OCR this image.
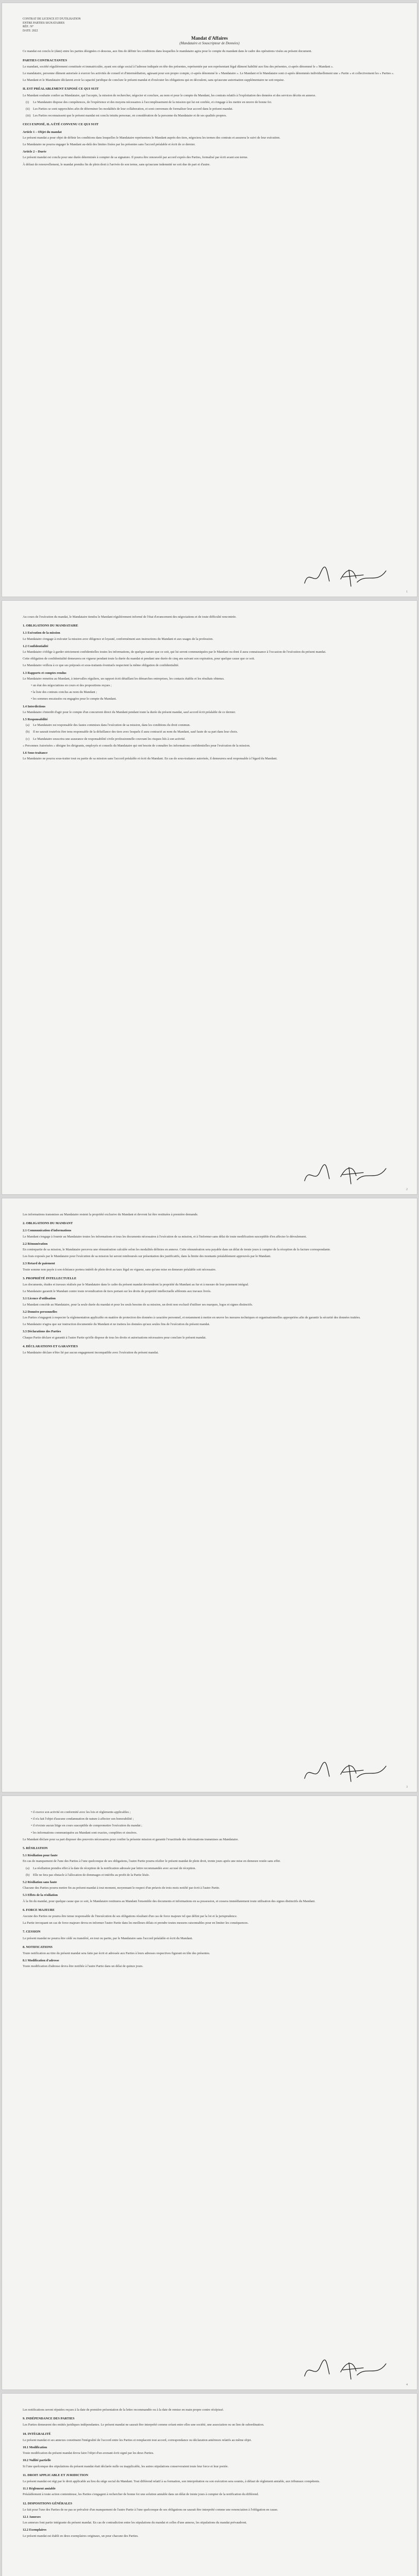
CONTRAT DE LICENCE ET D'UTILISATION
ENTRE PARTIES SIGNATAIRES
RÉF.: N°
DATE: 2022
Mandat d'Affaires
(Mandataire et Souscripteur de Données)
Ce mandat est conclu le (date) entre les parties désignées ci-dessous, aux fins de définir les conditions dans lesquelles le mandataire agira pour le compte du mandant dans le cadre des opérations visées au présent document.
PARTIES CONTRACTANTES
Le mandant, société régulièrement constituée et immatriculée, ayant son siège social à l'adresse indiquée en tête des présentes, représentée par son représentant légal dûment habilité aux fins des présentes, ci-après dénommé le « Mandant ».
Le mandataire, personne dûment autorisée à exercer les activités de conseil et d'intermédiation, agissant pour son propre compte, ci-après dénommé le « Mandataire ». Le Mandant et le Mandataire sont ci-après dénommés individuellement une « Partie » et collectivement les « Parties ».
Le Mandant et le Mandataire déclarent avoir la capacité juridique de conclure le présent mandat et d'exécuter les obligations qui en découlent, sans qu'aucune autorisation supplémentaire ne soit requise.
IL EST PRÉALABLEMENT EXPOSÉ CE QUI SUIT
Le Mandant souhaite confier au Mandataire, qui l'accepte, la mission de rechercher, négocier et conclure, au nom et pour le compte du Mandant, les contrats relatifs à l'exploitation des données et des services décrits en annexe.
(i) Le Mandataire dispose des compétences, de l'expérience et des moyens nécessaires à l'accomplissement de la mission qui lui est confiée, et s'engage à les mettre en œuvre de bonne foi.
(ii) Les Parties se sont rapprochées afin de déterminer les modalités de leur collaboration, et sont convenues de formaliser leur accord dans le présent mandat.
(iii) Les Parties reconnaissent que le présent mandat est conclu intuitu personae, en considération de la personne du Mandataire et de ses qualités propres.
CECI EXPOSÉ, IL A ÉTÉ CONVENU CE QUI SUIT
Article 1 – Objet du mandat
Le présent mandat a pour objet de définir les conditions dans lesquelles le Mandataire représentera le Mandant auprès des tiers, négociera les termes des contrats et assurera le suivi de leur exécution.
Le Mandataire ne pourra engager le Mandant au-delà des limites fixées par les présentes sans l'accord préalable et écrit de ce dernier.
Article 2 – Durée
Le présent mandat est conclu pour une durée déterminée à compter de sa signature. Il pourra être renouvelé par accord exprès des Parties, formalisé par écrit avant son terme.
À défaut de renouvellement, le mandat prendra fin de plein droit à l'arrivée de son terme, sans qu'aucune indemnité ne soit due de part et d'autre.
1
Au cours de l'exécution du mandat, le Mandataire tiendra le Mandant régulièrement informé de l'état d'avancement des négociations et de toute difficulté rencontrée.
1. OBLIGATIONS DU MANDATAIRE
1.1 Exécution de la mission
Le Mandataire s'engage à exécuter la mission avec diligence et loyauté, conformément aux instructions du Mandant et aux usages de la profession.
1.2 Confidentialité
Le Mandataire s'oblige à garder strictement confidentielles toutes les informations, de quelque nature que ce soit, qui lui seront communiquées par le Mandant ou dont il aura connaissance à l'occasion de l'exécution du présent mandat.
Cette obligation de confidentialité demeurera en vigueur pendant toute la durée du mandat et pendant une durée de cinq ans suivant son expiration, pour quelque cause que ce soit.
Le Mandataire veillera à ce que ses préposés et sous-traitants éventuels respectent la même obligation de confidentialité.
1.3 Rapports et comptes rendus
Le Mandataire remettra au Mandant, à intervalles réguliers, un rapport écrit détaillant les démarches entreprises, les contacts établis et les résultats obtenus.
• un état des négociations en cours et des propositions reçues ;
• la liste des contrats conclus au nom du Mandant ;
• les sommes encaissées ou engagées pour le compte du Mandant.
1.4 Interdictions
Le Mandataire s'interdit d'agir pour le compte d'un concurrent direct du Mandant pendant toute la durée du présent mandat, sauf accord écrit préalable de ce dernier.
1.5 Responsabilité
(a) Le Mandataire est responsable des fautes commises dans l'exécution de sa mission, dans les conditions du droit commun.
(b) Il ne saurait toutefois être tenu responsable de la défaillance des tiers avec lesquels il aura contracté au nom du Mandant, sauf faute de sa part dans leur choix.
(c) Le Mandataire souscrira une assurance de responsabilité civile professionnelle couvrant les risques liés à son activité.
« Personnes Autorisées » désigne les dirigeants, employés et conseils du Mandataire qui ont besoin de connaître les informations confidentielles pour l'exécution de la mission.
1.6 Sous-traitance
Le Mandataire ne pourra sous-traiter tout ou partie de sa mission sans l'accord préalable et écrit du Mandant. En cas de sous-traitance autorisée, il demeurera seul responsable à l'égard du Mandant.
2
Les informations transmises au Mandataire restent la propriété exclusive du Mandant et devront lui être restituées à première demande.
2. OBLIGATIONS DU MANDANT
2.1 Communication d'informations
Le Mandant s'engage à fournir au Mandataire toutes les informations et tous les documents nécessaires à l'exécution de sa mission, et à l'informer sans délai de toute modification susceptible d'en affecter le déroulement.
2.2 Rémunération
En contrepartie de sa mission, le Mandataire percevra une rémunération calculée selon les modalités définies en annexe. Cette rémunération sera payable dans un délai de trente jours à compter de la réception de la facture correspondante.
Les frais exposés par le Mandataire pour l'exécution de sa mission lui seront remboursés sur présentation des justificatifs, dans la limite des montants préalablement approuvés par le Mandant.
2.3 Retard de paiement
Toute somme non payée à son échéance portera intérêt de plein droit au taux légal en vigueur, sans qu'une mise en demeure préalable soit nécessaire.
3. PROPRIÉTÉ INTELLECTUELLE
Les documents, études et travaux réalisés par le Mandataire dans le cadre du présent mandat deviendront la propriété du Mandant au fur et à mesure de leur paiement intégral.
Le Mandataire garantit le Mandant contre toute revendication de tiers portant sur les droits de propriété intellectuelle afférents aux travaux livrés.
3.1 Licence d'utilisation
Le Mandant concède au Mandataire, pour la seule durée du mandat et pour les seuls besoins de sa mission, un droit non exclusif d'utiliser ses marques, logos et signes distinctifs.
3.2 Données personnelles
Les Parties s'engagent à respecter la réglementation applicable en matière de protection des données à caractère personnel, et notamment à mettre en œuvre les mesures techniques et organisationnelles appropriées afin de garantir la sécurité des données traitées.
Le Mandataire n'agira que sur instruction documentée du Mandant et ne traitera les données qu'aux seules fins de l'exécution du présent mandat.
3.3 Déclarations des Parties
Chaque Partie déclare et garantit à l'autre Partie qu'elle dispose de tous les droits et autorisations nécessaires pour conclure le présent mandat.
4. DÉCLARATIONS ET GARANTIES
Le Mandataire déclare n'être lié par aucun engagement incompatible avec l'exécution du présent mandat.
3
• il exerce son activité en conformité avec les lois et règlements applicables ;
• il n'a fait l'objet d'aucune condamnation de nature à affecter son honorabilité ;
• il n'existe aucun litige en cours susceptible de compromettre l'exécution du mandat ;
• les informations communiquées au Mandant sont exactes, complètes et sincères.
Le Mandant déclare pour sa part disposer des pouvoirs nécessaires pour confier la présente mission et garantir l'exactitude des informations transmises au Mandataire.
5. RÉSILIATION
5.1 Résiliation pour faute
En cas de manquement de l'une des Parties à l'une quelconque de ses obligations, l'autre Partie pourra résilier le présent mandat de plein droit, trente jours après une mise en demeure restée sans effet.
(a) La résiliation prendra effet à la date de réception de la notification adressée par lettre recommandée avec accusé de réception.
(b) Elle ne fera pas obstacle à l'allocation de dommages et intérêts au profit de la Partie lésée.
5.2 Résiliation sans faute
Chacune des Parties pourra mettre fin au présent mandat à tout moment, moyennant le respect d'un préavis de trois mois notifié par écrit à l'autre Partie.
5.3 Effets de la résiliation
À la fin du mandat, pour quelque cause que ce soit, le Mandataire restituera au Mandant l'ensemble des documents et informations en sa possession, et cessera immédiatement toute utilisation des signes distinctifs du Mandant.
6. FORCE MAJEURE
Aucune des Parties ne pourra être tenue responsable de l'inexécution de ses obligations résultant d'un cas de force majeure tel que défini par la loi et la jurisprudence.
La Partie invoquant un cas de force majeure devra en informer l'autre Partie dans les meilleurs délais et prendre toutes mesures raisonnables pour en limiter les conséquences.
7. CESSION
Le présent mandat ne pourra être cédé ou transféré, en tout ou partie, par le Mandataire sans l'accord préalable et écrit du Mandant.
8. NOTIFICATIONS
Toute notification au titre du présent mandat sera faite par écrit et adressée aux Parties à leurs adresses respectives figurant en tête des présentes.
8.1 Modification d'adresse
Toute modification d'adresse devra être notifiée à l'autre Partie dans un délai de quinze jours.
4
Les notifications seront réputées reçues à la date de première présentation de la lettre recommandée ou à la date de remise en main propre contre récépissé.
9. INDÉPENDANCE DES PARTIES
Les Parties demeurent des entités juridiques indépendantes. Le présent mandat ne saurait être interprété comme créant entre elles une société, une association ou un lien de subordination.
10. INTÉGRALITÉ
Le présent mandat et ses annexes constituent l'intégralité de l'accord entre les Parties et remplacent tout accord, correspondance ou déclaration antérieurs relatifs au même objet.
10.1 Modification
Toute modification du présent mandat devra faire l'objet d'un avenant écrit signé par les deux Parties.
10.2 Nullité partielle
Si l'une quelconque des stipulations du présent mandat était déclarée nulle ou inapplicable, les autres stipulations conserveraient toute leur force et leur portée.
11. DROIT APPLICABLE ET JURIDICTION
Le présent mandat est régi par le droit applicable au lieu du siège social du Mandant. Tout différend relatif à sa formation, son interprétation ou son exécution sera soumis, à défaut de règlement amiable, aux tribunaux compétents.
11.1 Règlement amiable
Préalablement à toute action contentieuse, les Parties s'engagent à rechercher de bonne foi une solution amiable dans un délai de trente jours à compter de la notification du différend.
12. DISPOSITIONS GÉNÉRALES
Le fait pour l'une des Parties de ne pas se prévaloir d'un manquement de l'autre Partie à l'une quelconque de ses obligations ne saurait être interprété comme une renonciation à l'obligation en cause.
12.1 Annexes
Les annexes font partie intégrante du présent mandat. En cas de contradiction entre les stipulations du mandat et celles d'une annexe, les stipulations du mandat prévaudront.
12.2 Exemplaires
Le présent mandat est établi en deux exemplaires originaux, un pour chacune des Parties.
